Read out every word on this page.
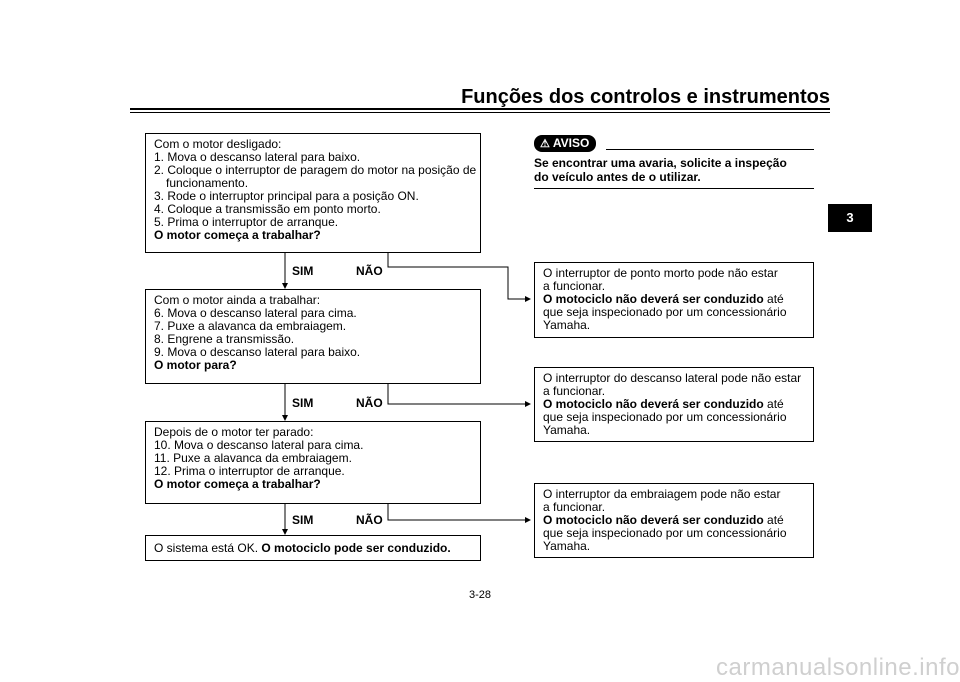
Funções dos controlos e instrumentos
3
Com o motor desligado:
1. Mova o descanso lateral para baixo.
2. Coloque o interruptor de paragem do motor na posição de
funcionamento.
3. Rode o interruptor principal para a posição ON.
4. Coloque a transmissão em ponto morto.
5. Prima o interruptor de arranque.
O motor começa a trabalhar?
SIM	NÃO
Com o motor ainda a trabalhar:
6. Mova o descanso lateral para cima.
7. Puxe a alavanca da embraiagem.
8. Engrene a transmissão.
9. Mova o descanso lateral para baixo.
O motor para?
SIM	NÃO
Depois de o motor ter parado:
10. Mova o descanso lateral para cima.
11. Puxe a alavanca da embraiagem.
12. Prima o interruptor de arranque.
O motor começa a trabalhar?
SIM	NÃO
O sistema está OK. O motociclo pode ser conduzido.
⚠ AVISO
Se encontrar uma avaria, solicite a inspeção
do veículo antes de o utilizar.
O interruptor de ponto morto pode não estar
a funcionar.
O motociclo não deverá ser conduzido até
que seja inspecionado por um concessionário
Yamaha.
O interruptor do descanso lateral pode não estar
a funcionar.
O motociclo não deverá ser conduzido até
que seja inspecionado por um concessionário
Yamaha.
O interruptor da embraiagem pode não estar
a funcionar.
O motociclo não deverá ser conduzido até
que seja inspecionado por um concessionário
Yamaha.
3-28
carmanualsonline.info
